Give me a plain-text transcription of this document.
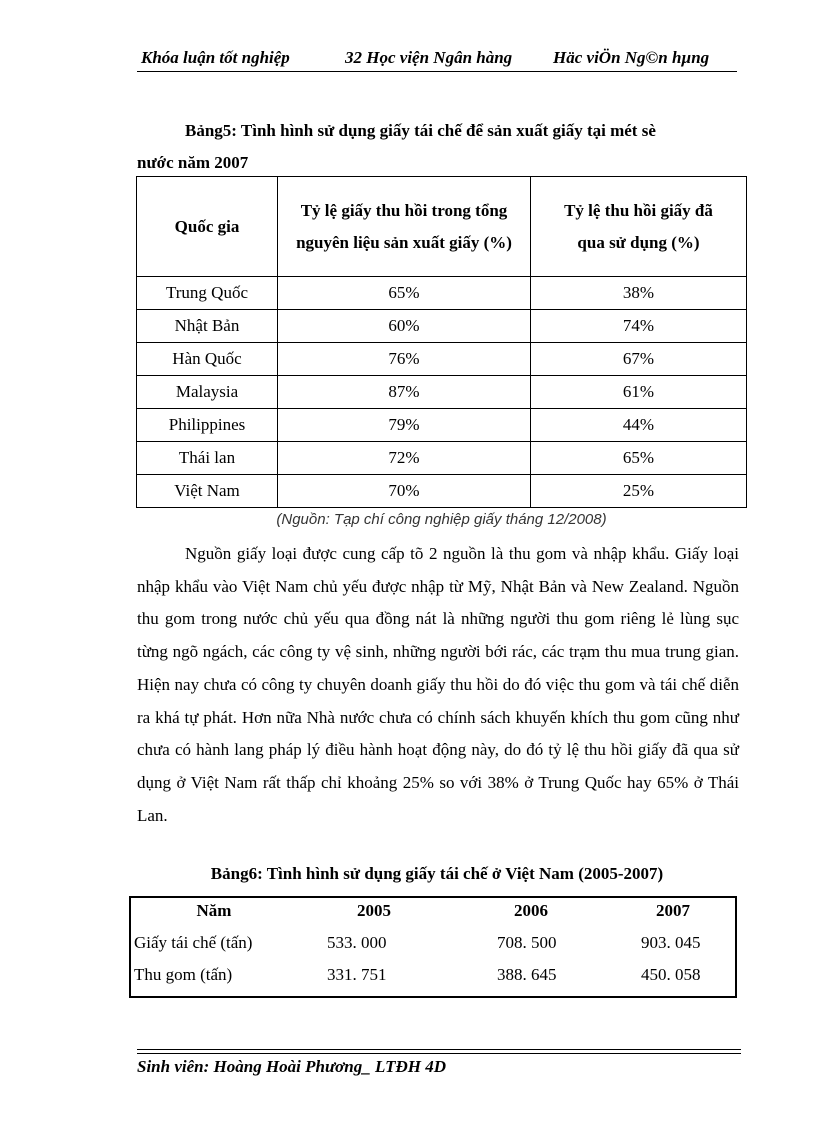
Khóa luận tốt nghiệp	32 Học viện Ngân hàng Häc viÖn Ng©n hµng
Bảng5: Tình hình sử dụng giấy tái chế để sản xuất giấy tại mét sè
nước năm 2007
Quốc gia	Tỷ lệ giấy thu hồi trong tổng nguyên liệu sản xuất giấy (%)	Tỷ lệ thu hồi giấy đã qua sử dụng (%)
Trung Quốc	65%	38%
Nhật Bản	60%	74%
Hàn Quốc	76%	67%
Malaysia	87%	61%
Philippines	79%	44%
Thái lan	72%	65%
Việt Nam	70%	25%
(Nguồn: Tạp chí công nghiệp giấy tháng 12/2008)

Nguồn giấy loại được cung cấp tõ 2 nguồn là thu gom và nhập khẩu. Giấy loại nhập khẩu vào Việt Nam chủ yếu được nhập từ Mỹ, Nhật Bản và New Zealand. Nguồn thu gom trong nước chủ yếu qua đồng nát là những người thu gom riêng lẻ lùng sục từng ngõ ngách, các công ty vệ sinh, những người bới rác, các trạm thu mua trung gian. Hiện nay chưa có công ty chuyên doanh giấy thu hồi do đó việc thu gom và tái chế diễn ra khá tự phát. Hơn nữa Nhà nước chưa có chính sách khuyến khích thu gom cũng như chưa có hành lang pháp lý điều hành hoạt động này, do đó tỷ lệ thu hồi giấy đã qua sử dụng ở Việt Nam rất thấp chỉ khoảng 25% so với 38% ở Trung Quốc hay 65% ở Thái Lan.

Bảng6: Tình hình sử dụng giấy tái chế ở Việt Nam (2005-2007)
Năm	2005	2006	2007
Giấy tái chế (tấn)	533. 000	708. 500	903. 045
Thu gom (tấn)	331. 751	388. 645	450. 058
Sinh viên: Hoàng Hoài Phương_ LTĐH 4D
